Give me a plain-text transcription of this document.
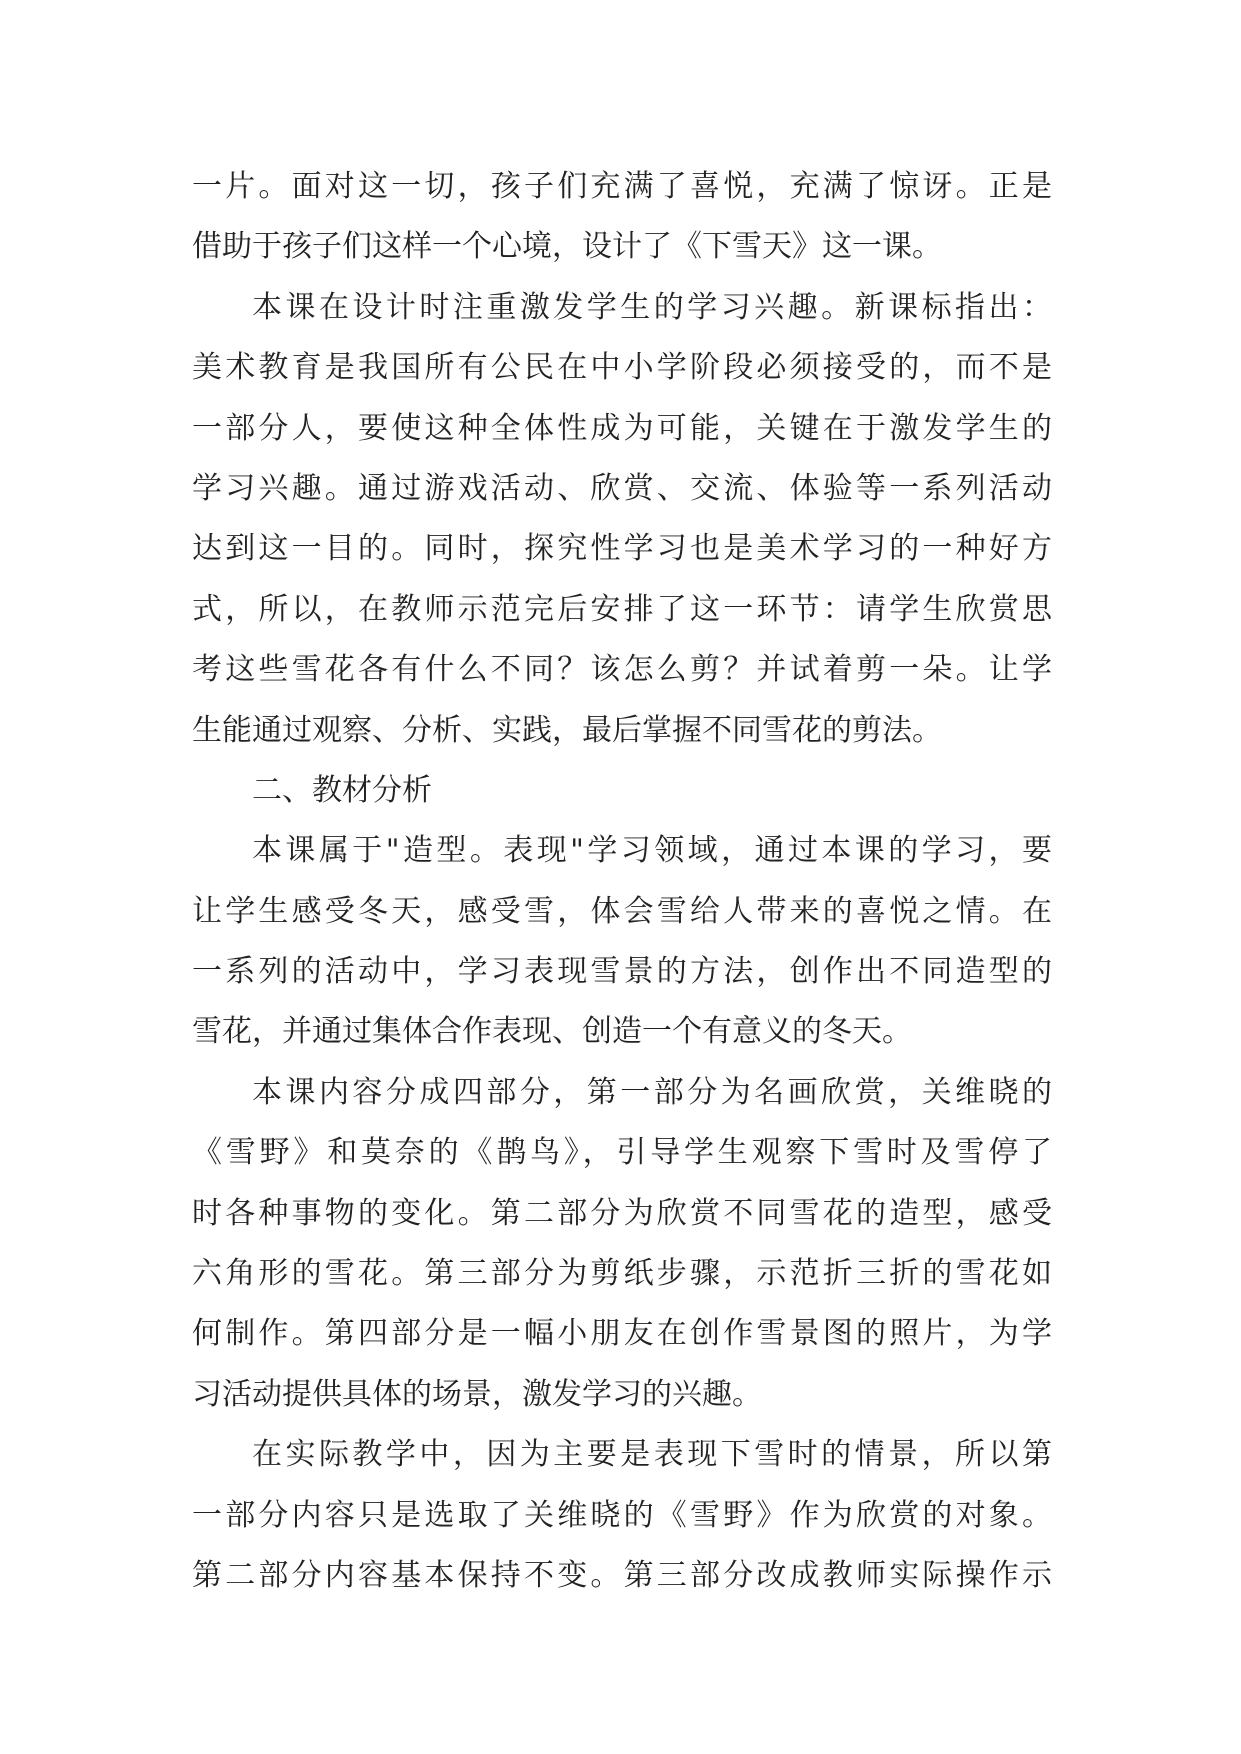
一片。面对这一切，孩子们充满了喜悦，充满了惊讶。正是
借助于孩子们这样一个心境，设计了《下雪天》这一课。
本课在设计时注重激发学生的学习兴趣。新课标指出：
美术教育是我国所有公民在中小学阶段必须接受的，而不是
一部分人，要使这种全体性成为可能，关键在于激发学生的
学习兴趣。通过游戏活动、欣赏、交流、体验等一系列活动
达到这一目的。同时，探究性学习也是美术学习的一种好方
式，所以，在教师示范完后安排了这一环节：请学生欣赏思
考这些雪花各有什么不同？该怎么剪？并试着剪一朵。让学
生能通过观察、分析、实践，最后掌握不同雪花的剪法。
二、教材分析
本课属于"造型。表现"学习领域，通过本课的学习，要
让学生感受冬天，感受雪，体会雪给人带来的喜悦之情。在
一系列的活动中，学习表现雪景的方法，创作出不同造型的
雪花，并通过集体合作表现、创造一个有意义的冬天。
本课内容分成四部分，第一部分为名画欣赏，关维晓的
《雪野》和莫奈的《鹊鸟》，引导学生观察下雪时及雪停了
时各种事物的变化。第二部分为欣赏不同雪花的造型，感受
六角形的雪花。第三部分为剪纸步骤，示范折三折的雪花如
何制作。第四部分是一幅小朋友在创作雪景图的照片，为学
习活动提供具体的场景，激发学习的兴趣。
在实际教学中，因为主要是表现下雪时的情景，所以第
一部分内容只是选取了关维晓的《雪野》作为欣赏的对象。
第二部分内容基本保持不变。第三部分改成教师实际操作示
